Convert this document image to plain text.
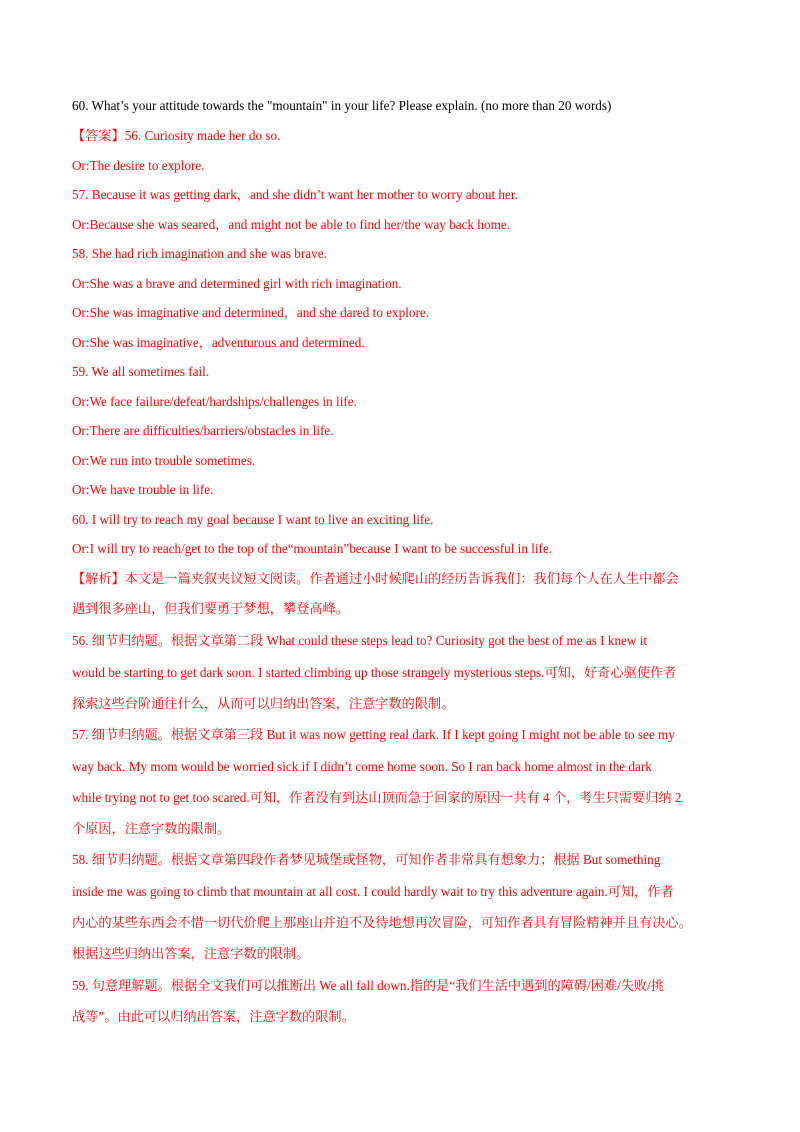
60. What’s your attitude towards the "mountain" in your life? Please explain. (no more than 20 words)

【答案】56. Curiosity made her do so.

Or:The desire to explore.

57. Because it was getting dark，and she didn’t want her mother to worry about her.

Or:Because she was seared，and might not be able to find her/the way back home.

58. She had rich imagination and she was brave.

Or:She was a brave and determined girl with rich imagination.

Or:She was imaginative and determined，and she dared to explore.

Or:She was imaginative，adventurous and determined.

59. We all sometimes fail.

Or:We face failure/defeat/hardships/challenges in life.

Or:There are difficulties/barriers/obstacles in life.

Or:We run into trouble sometimes.

Or:We have trouble in life.

60. I will try to reach my goal because I want to live an exciting life.

Or:I will try to reach/get to the top of the“mountain”because I want to be successful in life.

【解析】本文是一篇夹叙夹议短文阅读。作者通过小时候爬山的经历告诉我们：我们每个人在人生中都会

遇到很多座山，但我们要勇于梦想，攀登高峰。

56. 细节归纳题。根据文章第二段 What could these steps lead to? Curiosity got the best of me as I knew it

would be starting to get dark soon. I started climbing up those strangely mysterious steps.可知，好奇心驱使作者

探索这些台阶通往什么，从而可以归纳出答案，注意字数的限制。

57. 细节归纳题。根据文章第三段 But it was now getting real dark. If I kept going I might not be able to see my

way back. My mom would be worried sick if I didn’t come home soon. So I ran back home almost in the dark

while trying not to get too scared.可知，作者没有到达山顶而急于回家的原因一共有 4 个，考生只需要归纳 2

个原因，注意字数的限制。

58. 细节归纳题。根据文章第四段作者梦见城堡或怪物，可知作者非常具有想象力；根据 But something

inside me was going to climb that mountain at all cost. I could hardly wait to try this adventure again.可知，作者

内心的某些东西会不惜一切代价爬上那座山并迫不及待地想再次冒险，可知作者具有冒险精神并且有决心。

根据这些归纳出答案，注意字数的限制。

59. 句意理解题。根据全文我们可以推断出 We all fall down.指的是“我们生活中遇到的障碍/困难/失败/挑

战等”。由此可以归纳出答案，注意字数的限制。
